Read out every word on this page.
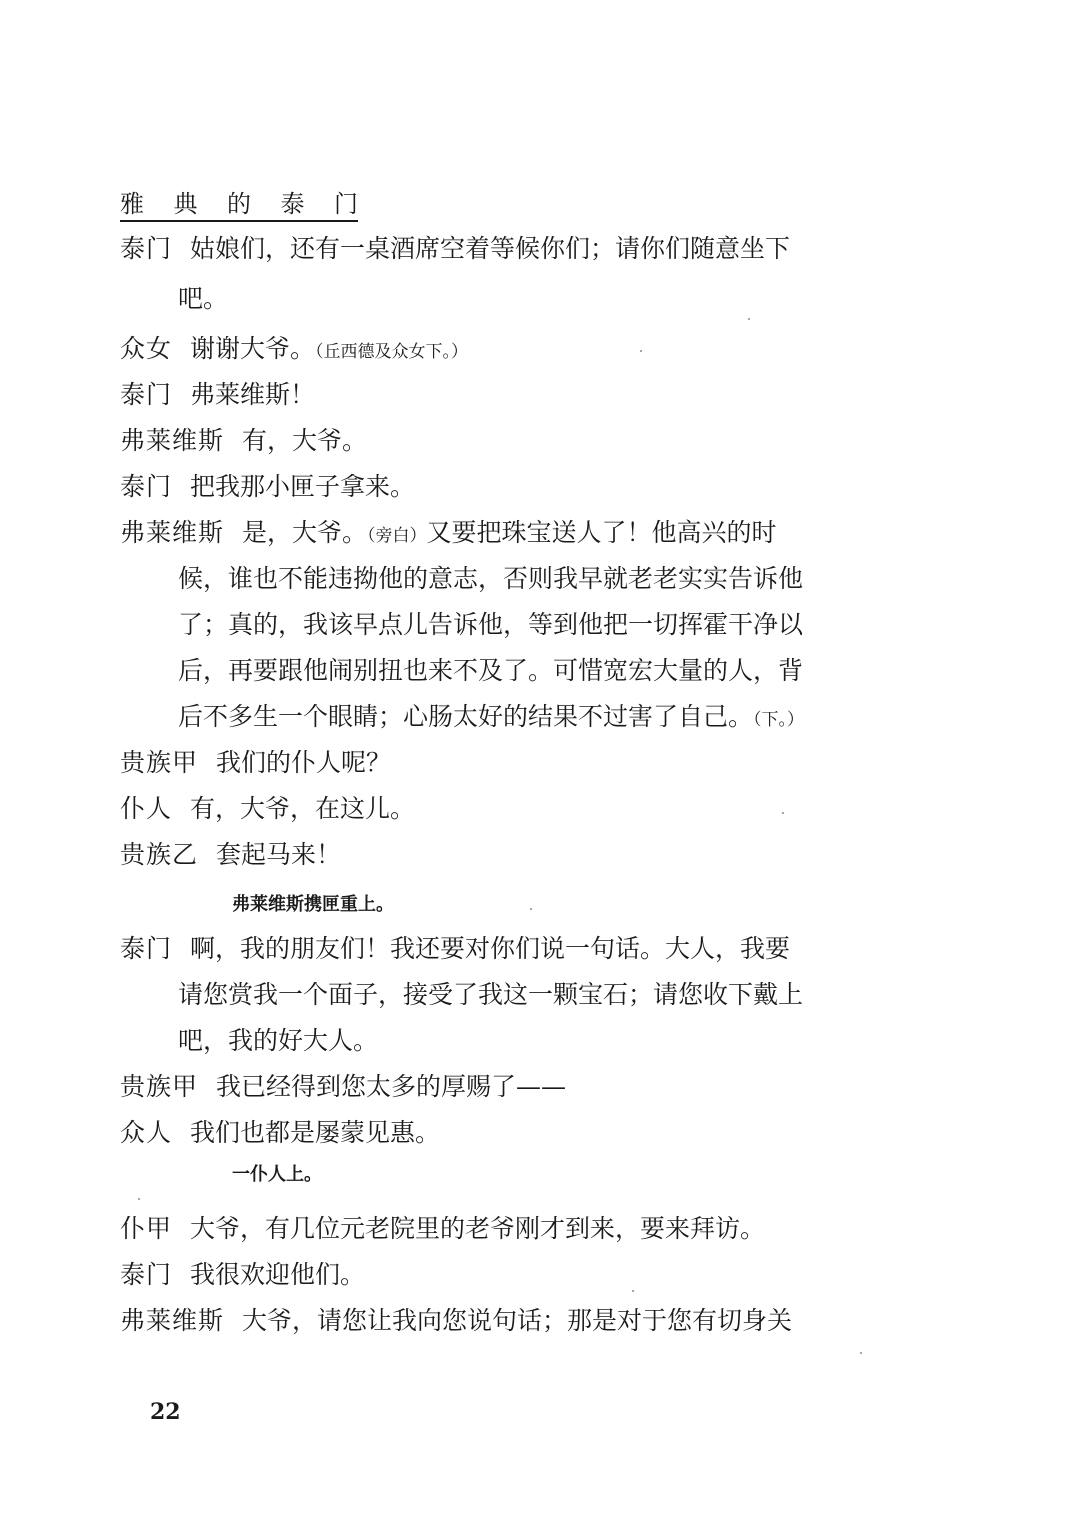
雅 典 的 泰 门
泰门 姑娘们，还有一桌酒席空着等候你们；请你们随意坐下
吧。
众女 谢谢大爷。（丘西德及众女下。）
泰门 弗莱维斯！
弗莱维斯 有，大爷。
泰门 把我那小匣子拿来。
弗莱维斯 是，大爷。（旁白）又要把珠宝送人了！他高兴的时
候，谁也不能违拗他的意志，否则我早就老老实实告诉他
了；真的，我该早点儿告诉他，等到他把一切挥霍干净以
后，再要跟他闹别扭也来不及了。可惜宽宏大量的人，背
后不多生一个眼睛；心肠太好的结果不过害了自己。（下。）
贵族甲 我们的仆人呢？
仆人 有，大爷，在这儿。
贵族乙 套起马来！
弗莱维斯携匣重上。
泰门 啊，我的朋友们！我还要对你们说一句话。大人，我要
请您赏我一个面子，接受了我这一颗宝石；请您收下戴上
吧，我的好大人。
贵族甲 我已经得到您太多的厚赐了——
众人 我们也都是屡蒙见惠。
一仆人上。
仆甲 大爷，有几位元老院里的老爷刚才到来，要来拜访。
泰门 我很欢迎他们。
弗莱维斯 大爷，请您让我向您说句话；那是对于您有切身关
22
